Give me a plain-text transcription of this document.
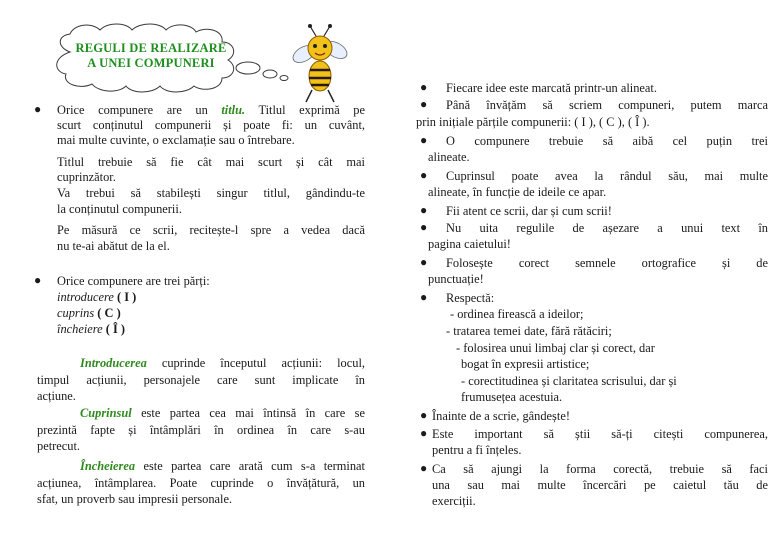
REGULI DE REALIZARE
A UNEI COMPUNERI
● Orice compunere are un titlu. Titlul exprimă pe
scurt conținutul compunerii și poate fi: un cuvânt,
mai multe cuvinte, o exclamație sau o întrebare.
Titlul trebuie să fie cât mai scurt și cât mai
cuprinzător.
Va trebui să stabilești singur titlul, gândindu-te
la conținutul compunerii.
Pe măsură ce scrii, recitește-l spre a vedea dacă
nu te-ai abătut de la el.
● Orice compunere are trei părți:
introducere ( I )
cuprins ( C )
încheiere ( Î )
Introducerea cuprinde începutul acțiunii: locul,
timpul acțiunii, personajele care sunt implicate în
acțiune.
Cuprinsul este partea cea mai întinsă în care se
prezintă fapte și întâmplări în ordinea în care s-au
petrecut.
Încheierea este partea care arată cum s-a terminat
acțiunea, întâmplarea. Poate cuprinde o învățătură, un
sfat, un proverb sau impresii personale.
● Fiecare idee este marcată printr-un alineat.
● Până învățăm să scriem compuneri, putem marca
prin inițiale părțile compunerii: ( I ), ( C ), ( Î ).
● O compunere trebuie să aibă cel puțin trei
alineate.
● Cuprinsul poate avea la rândul său, mai multe
alineate, în funcție de ideile ce apar.
● Fii atent ce scrii, dar și cum scrii!
● Nu uita regulile de așezare a unui text în
pagina caietului!
● Folosește corect semnele ortografice și de
punctuație!
● Respectă:
- ordinea firească a ideilor;
- tratarea temei date, fără rătăciri;
- folosirea unui limbaj clar și corect, dar
bogat în expresii artistice;
- corectitudinea și claritatea scrisului, dar și
frumusețea acestuia.
● Înainte de a scrie, gândește!
● Este important să știi să-ți citești compunerea,
pentru a fi înțeles.
● Ca să ajungi la forma corectă, trebuie să faci
una sau mai multe încercări pe caietul tău de
exerciții.
